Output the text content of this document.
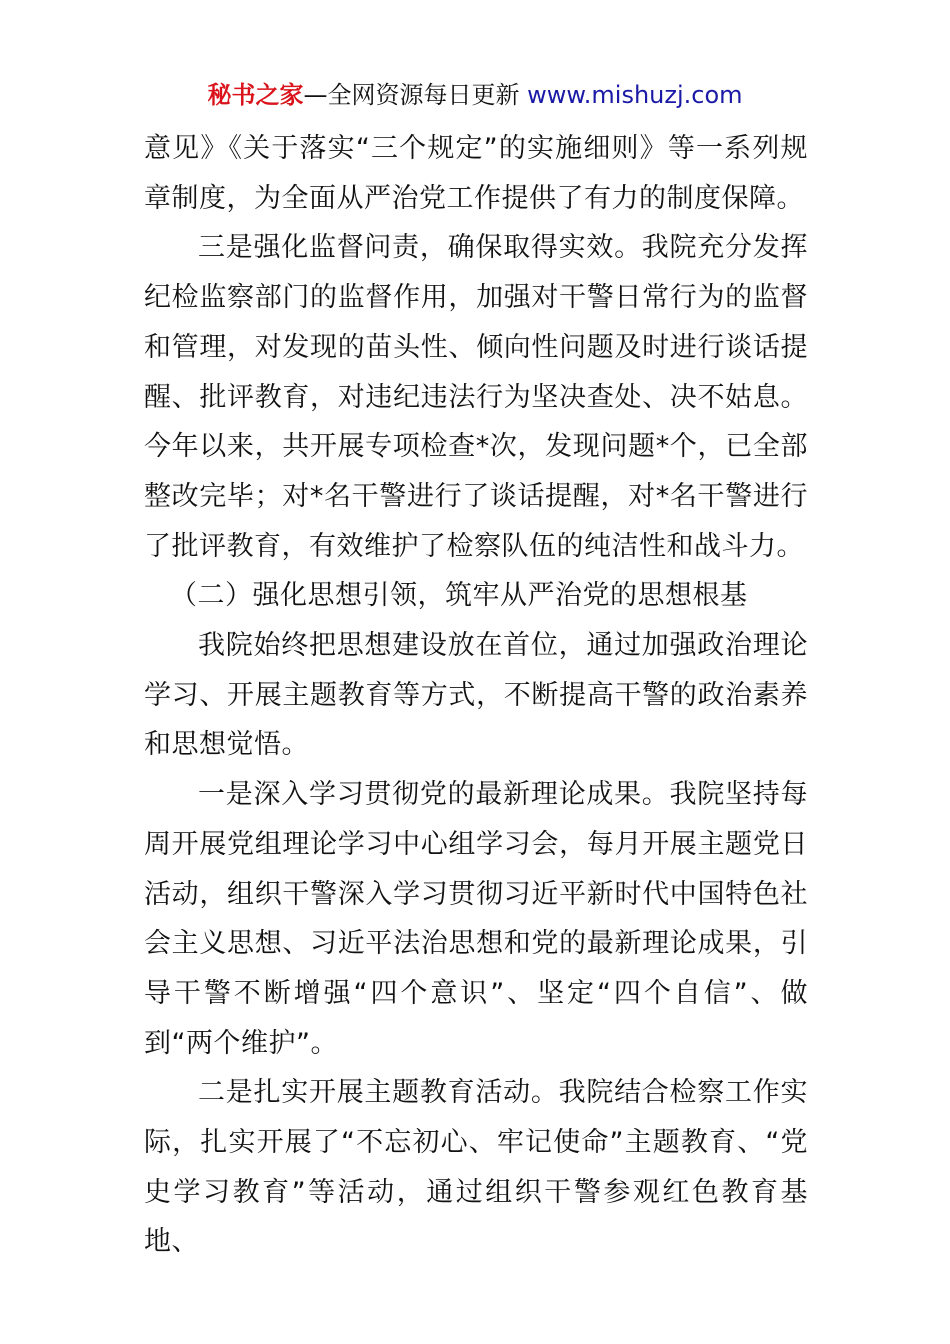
秘书之家—全网资源每日更新 www.mishuzj.com

意见》《关于落实“三个规定”的实施细则》等一系列规章制度，为全面从严治党工作提供了有力的制度保障。

三是强化监督问责，确保取得实效。我院充分发挥纪检监察部门的监督作用，加强对干警日常行为的监督和管理，对发现的苗头性、倾向性问题及时进行谈话提醒、批评教育，对违纪违法行为坚决查处、决不姑息。今年以来，共开展专项检查*次，发现问题*个，已全部整改完毕；对*名干警进行了谈话提醒，对*名干警进行了批评教育，有效维护了检察队伍的纯洁性和战斗力。

（二）强化思想引领，筑牢从严治党的思想根基

我院始终把思想建设放在首位，通过加强政治理论学习、开展主题教育等方式，不断提高干警的政治素养和思想觉悟。

一是深入学习贯彻党的最新理论成果。我院坚持每周开展党组理论学习中心组学习会，每月开展主题党日活动，组织干警深入学习贯彻习近平新时代中国特色社会主义思想、习近平法治思想和党的最新理论成果，引导干警不断增强“四个意识”、坚定“四个自信”、做到“两个维护”。

二是扎实开展主题教育活动。我院结合检察工作实际，扎实开展了“不忘初心、牢记使命”主题教育、“党史学习教育”等活动，通过组织干警参观红色教育基地、
